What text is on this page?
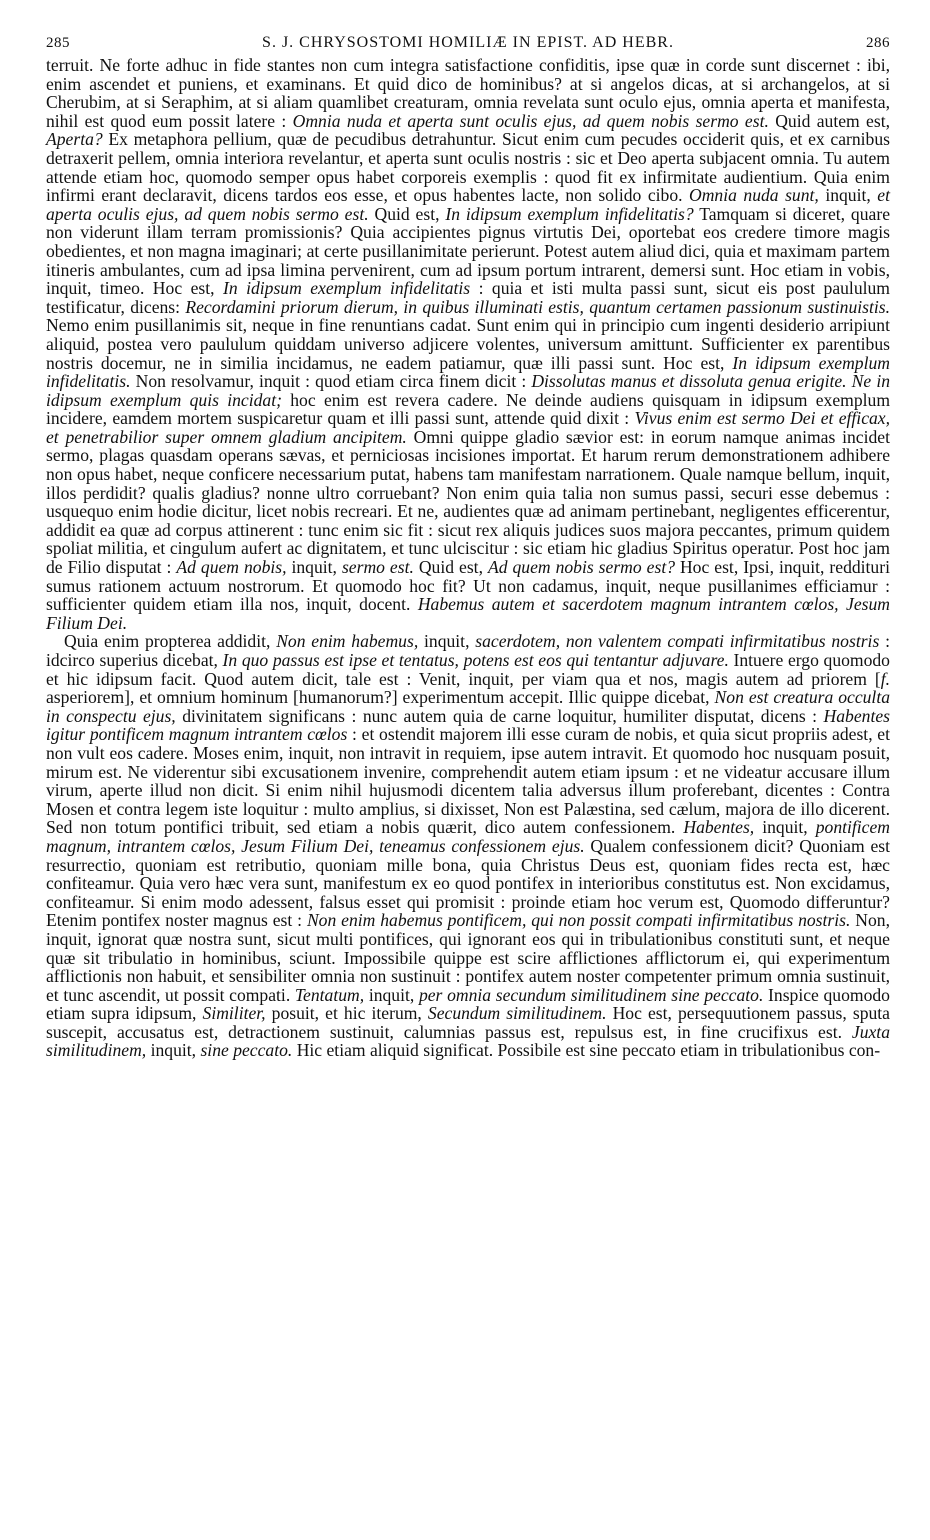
285	S. J. CHRYSOSTOMI HOMILIÆ IN EPIST. AD HEBR.	286

terruit. Ne forte adhuc in fide stantes non cum integra satisfactione confiditis, ipse quæ in corde sunt discernet : ibi, enim ascendet et puniens, et examinans. Et quid dico de hominibus? at si angelos dicas, at si archangelos, at si Cherubim, at si Seraphim, at si aliam quamlibet creaturam, omnia revelata sunt oculo ejus, omnia aperta et manifesta, nihil est quod eum possit latere : Omnia nuda et aperta sunt oculis ejus, ad quem nobis sermo est. Quid autem est, Aperta? Ex metaphora pellium, quæ de pecudibus detrahuntur. Sicut enim cum pecudes occiderit quis, et ex carnibus detraxerit pellem, omnia interiora revelantur, et aperta sunt oculis nostris : sic et Deo aperta subjacent omnia. Tu autem attende etiam hoc, quomodo semper opus habet corporeis exemplis : quod fit ex infirmitate audientium. Quia enim infirmi erant declaravit, dicens tardos eos esse, et opus habentes lacte, non solido cibo. Omnia nuda sunt, inquit, et aperta oculis ejus, ad quem nobis sermo est. Quid est, In idipsum exemplum infidelitatis? Tamquam si diceret, quare non viderunt illam terram promissionis? Quia accipientes pignus virtutis Dei, oportebat eos credere timore magis obedientes, et non magna imaginari; at certe pusillanimitate perierunt. Potest autem aliud dici, quia et maximam partem itineris ambulantes, cum ad ipsa limina pervenirent, cum ad ipsum portum intrarent, demersi sunt. Hoc etiam in vobis, inquit, timeo. Hoc est, In idipsum exemplum infidelitatis : quia et isti multa passi sunt, sicut eis post paululum testificatur, dicens: Recordamini priorum dierum, in quibus illuminati estis, quantum certamen passionum sustinuistis. Nemo enim pusillanimis sit, neque in fine renuntians cadat. Sunt enim qui in principio cum ingenti desiderio arripiunt aliquid, postea vero paululum quiddam universo adjicere volentes, universum amittunt. Sufficienter ex parentibus nostris docemur, ne in similia incidamus, ne eadem patiamur, quæ illi passi sunt. Hoc est, In idipsum exemplum infidelitatis. Non resolvamur, inquit : quod etiam circa finem dicit : Dissolutas manus et dissoluta genua erigite. Ne in idipsum exemplum quis incidat; hoc enim est revera cadere. Ne deinde audiens quisquam in idipsum exemplum incidere, eamdem mortem suspicaretur quam et illi passi sunt, attende quid dixit : Vivus enim est sermo Dei et efficax, et penetrabilior super omnem gladium ancipitem. Omni quippe gladio sævior est: in eorum namque animas incidet sermo, plagas quasdam operans sævas, et perniciosas incisiones importat. Et harum rerum demonstrationem adhibere non opus habet, neque conficere necessarium putat, habens tam manifestam narrationem. Quale namque bellum, inquit, illos perdidit? qualis gladius? nonne ultro corruebant? Non enim quia talia non sumus passi, securi esse debemus : usquequo enim hodie dicitur, licet nobis recreari. Et ne, audientes quæ ad animam pertinebant, negligentes efficerentur, addidit ea quæ ad corpus attinerent : tunc enim sic fit : sicut rex aliquis judices suos majora peccantes, primum quidem spoliat militia, et cingulum aufert ac dignitatem, et tunc ulciscitur : sic etiam hic gladius Spiritus operatur. Post hoc jam de Filio disputat : Ad quem nobis, inquit, sermo est. Quid est, Ad quem nobis sermo est? Hoc est, Ipsi, inquit, reddituri sumus rationem actuum nostrorum. Et quomodo hoc fit? Ut non cadamus, inquit, neque pusillanimes efficiamur : sufficienter quidem etiam illa nos, inquit, docent. Habemus autem et sacerdotem magnum intrantem cœlos, Jesum Filium Dei.

Quia enim propterea addidit, Non enim habemus, inquit, sacerdotem, non valentem compati infirmitatibus nostris : idcirco superius dicebat, In quo passus est ipse et tentatus, potens est eos qui tentantur adjuvare. Intuere ergo quomodo et hic idipsum facit. Quod autem dicit, tale est : Venit, inquit, per viam qua et nos, magis autem ad priorem [f. asperiorem], et omnium hominum [humanorum?] experimentum accepit. Illic quippe dicebat, Non est creatura occulta in conspectu ejus, divinitatem significans : nunc autem quia de carne loquitur, humiliter disputat, dicens : Habentes igitur pontificem magnum intrantem cœlos : et ostendit majorem illi esse curam de nobis, et quia sicut propriis adest, et non vult eos cadere. Moses enim, inquit, non intravit in requiem, ipse autem intravit. Et quomodo hoc nusquam posuit, mirum est. Ne viderentur sibi excusationem invenire, comprehendit autem etiam ipsum : et ne videatur accusare illum virum, aperte illud non dicit. Si enim nihil hujusmodi dicentem talia adversus illum proferebant, dicentes : Contra Mosen et contra legem iste loquitur : multo amplius, si dixisset, Non est Palæstina, sed cælum, majora de illo dicerent. Sed non totum pontifici tribuit, sed etiam a nobis quærit, dico autem confessionem. Habentes, inquit, pontificem magnum, intrantem cœlos, Jesum Filium Dei, teneamus confessionem ejus. Qualem confessionem dicit? Quoniam est resurrectio, quoniam est retributio, quoniam mille bona, quia Christus Deus est, quoniam fides recta est, hæc confiteamur. Quia vero hæc vera sunt, manifestum ex eo quod pontifex in interioribus constitutus est. Non excidamus, confiteamur. Si enim modo adessent, falsus esset qui promisit : proinde etiam hoc verum est, Quomodo differuntur? Etenim pontifex noster magnus est : Non enim habemus pontificem, qui non possit compati infirmitatibus nostris. Non, inquit, ignorat quæ nostra sunt, sicut multi pontifices, qui ignorant eos qui in tribulationibus constituti sunt, et neque quæ sit tribulatio in hominibus, sciunt. Impossibile quippe est scire afflictiones afflictorum ei, qui experimentum afflictionis non habuit, et sensibiliter omnia non sustinuit : pontifex autem noster competenter primum omnia sustinuit, et tunc ascendit, ut possit compati. Tentatum, inquit, per omnia secundum similitudinem sine peccato. Inspice quomodo etiam supra idipsum, Similiter, posuit, et hic iterum, Secundum similitudinem. Hoc est, persequutionem passus, sputa suscepit, accusatus est, detractionem sustinuit, calumnias passus est, repulsus est, in fine crucifixus est. Juxta similitudinem, inquit, sine peccato. Hic etiam aliquid significat. Possibile est sine peccato etiam in tribulationibus con-
